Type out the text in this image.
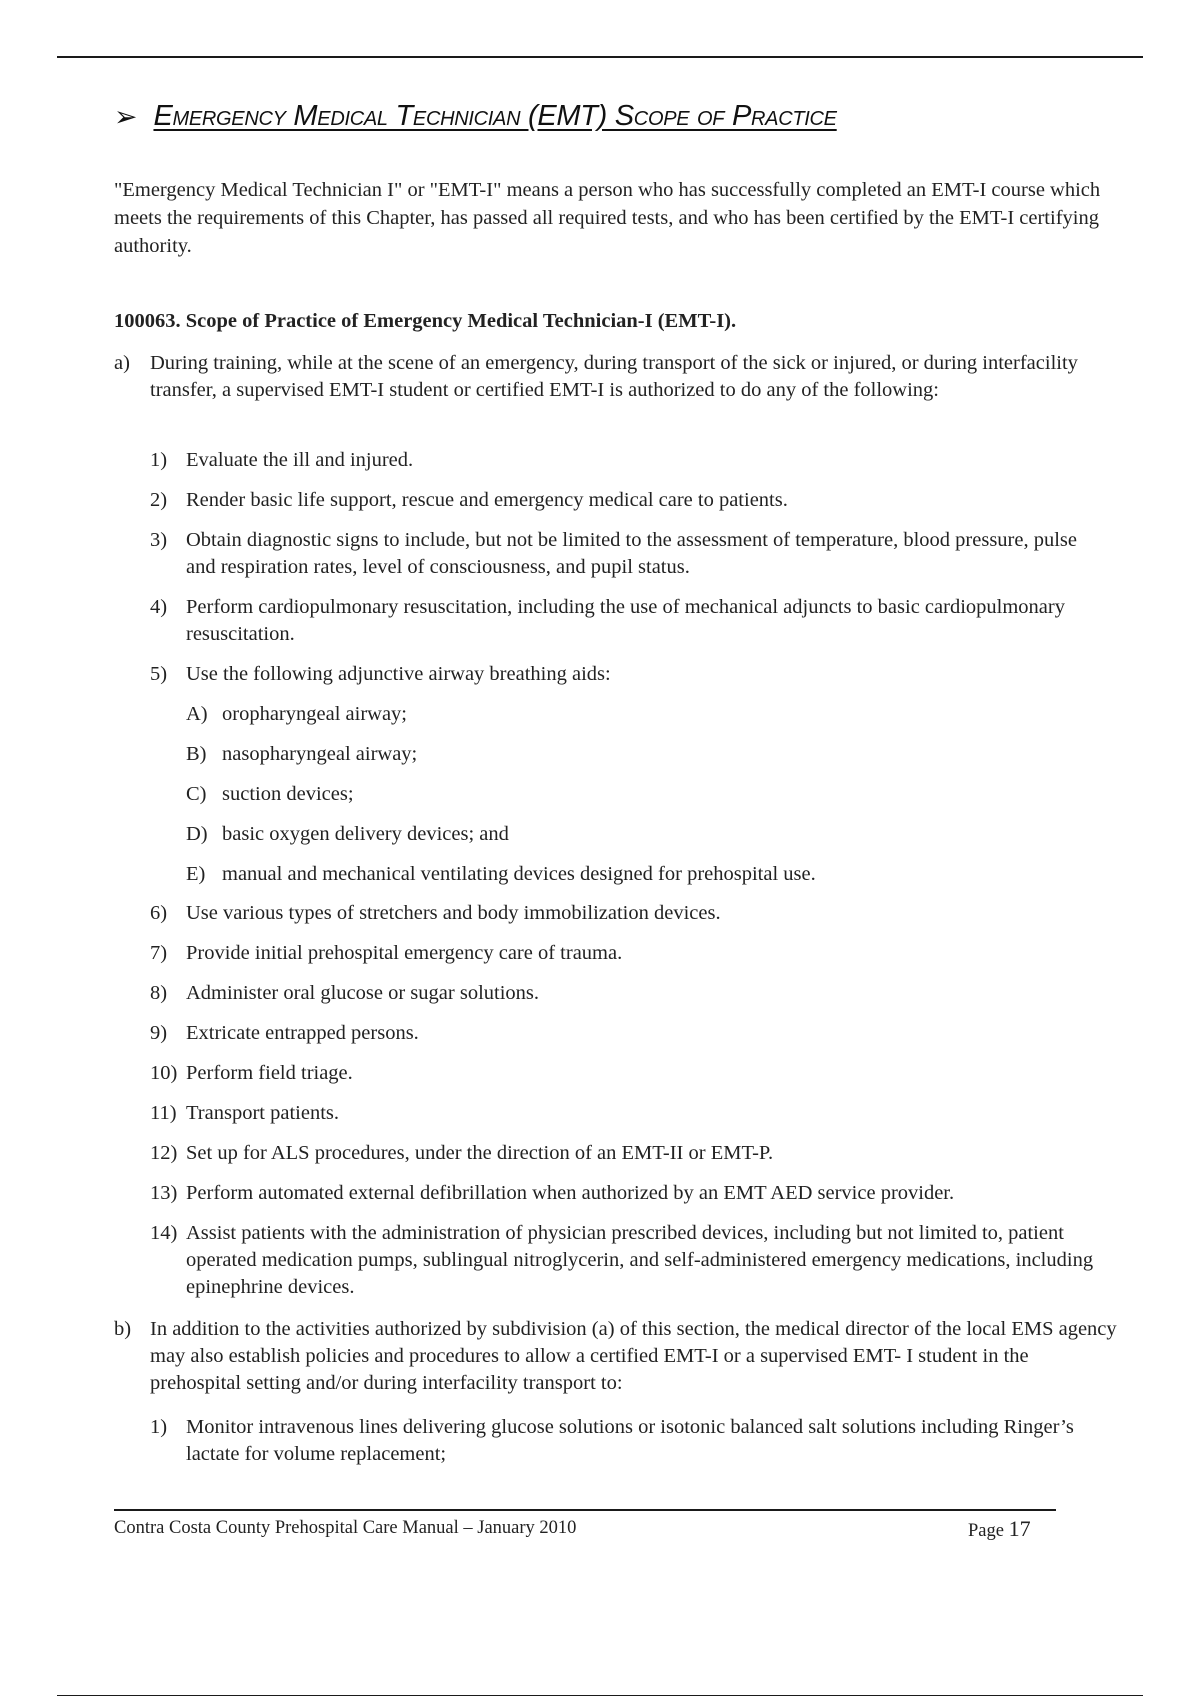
➢ Emergency Medical Technician (EMT) Scope of Practice
"Emergency Medical Technician I" or "EMT-I" means a person who has successfully completed an EMT-I course which meets the requirements of this Chapter, has passed all required tests, and who has been certified by the EMT-I certifying authority.
100063. Scope of Practice of Emergency Medical Technician-I (EMT-I).
a) During training, while at the scene of an emergency, during transport of the sick or injured, or during interfacility transfer, a supervised EMT-I student or certified EMT-I is authorized to do any of the following:
1) Evaluate the ill and injured.
2) Render basic life support, rescue and emergency medical care to patients.
3) Obtain diagnostic signs to include, but not be limited to the assessment of temperature, blood pressure, pulse and respiration rates, level of consciousness, and pupil status.
4) Perform cardiopulmonary resuscitation, including the use of mechanical adjuncts to basic cardiopulmonary resuscitation.
5) Use the following adjunctive airway breathing aids:
A) oropharyngeal airway;
B) nasopharyngeal airway;
C) suction devices;
D) basic oxygen delivery devices; and
E) manual and mechanical ventilating devices designed for prehospital use.
6) Use various types of stretchers and body immobilization devices.
7) Provide initial prehospital emergency care of trauma.
8) Administer oral glucose or sugar solutions.
9) Extricate entrapped persons.
10) Perform field triage.
11) Transport patients.
12) Set up for ALS procedures, under the direction of an EMT-II or EMT-P.
13) Perform automated external defibrillation when authorized by an EMT AED service provider.
14) Assist patients with the administration of physician prescribed devices, including but not limited to, patient operated medication pumps, sublingual nitroglycerin, and self-administered emergency medications, including epinephrine devices.
b) In addition to the activities authorized by subdivision (a) of this section, the medical director of the local EMS agency may also establish policies and procedures to allow a certified EMT-I or a supervised EMT- I student in the prehospital setting and/or during interfacility transport to:
1) Monitor intravenous lines delivering glucose solutions or isotonic balanced salt solutions including Ringer’s lactate for volume replacement;
Contra Costa County Prehospital Care Manual – January 2010	Page 17
